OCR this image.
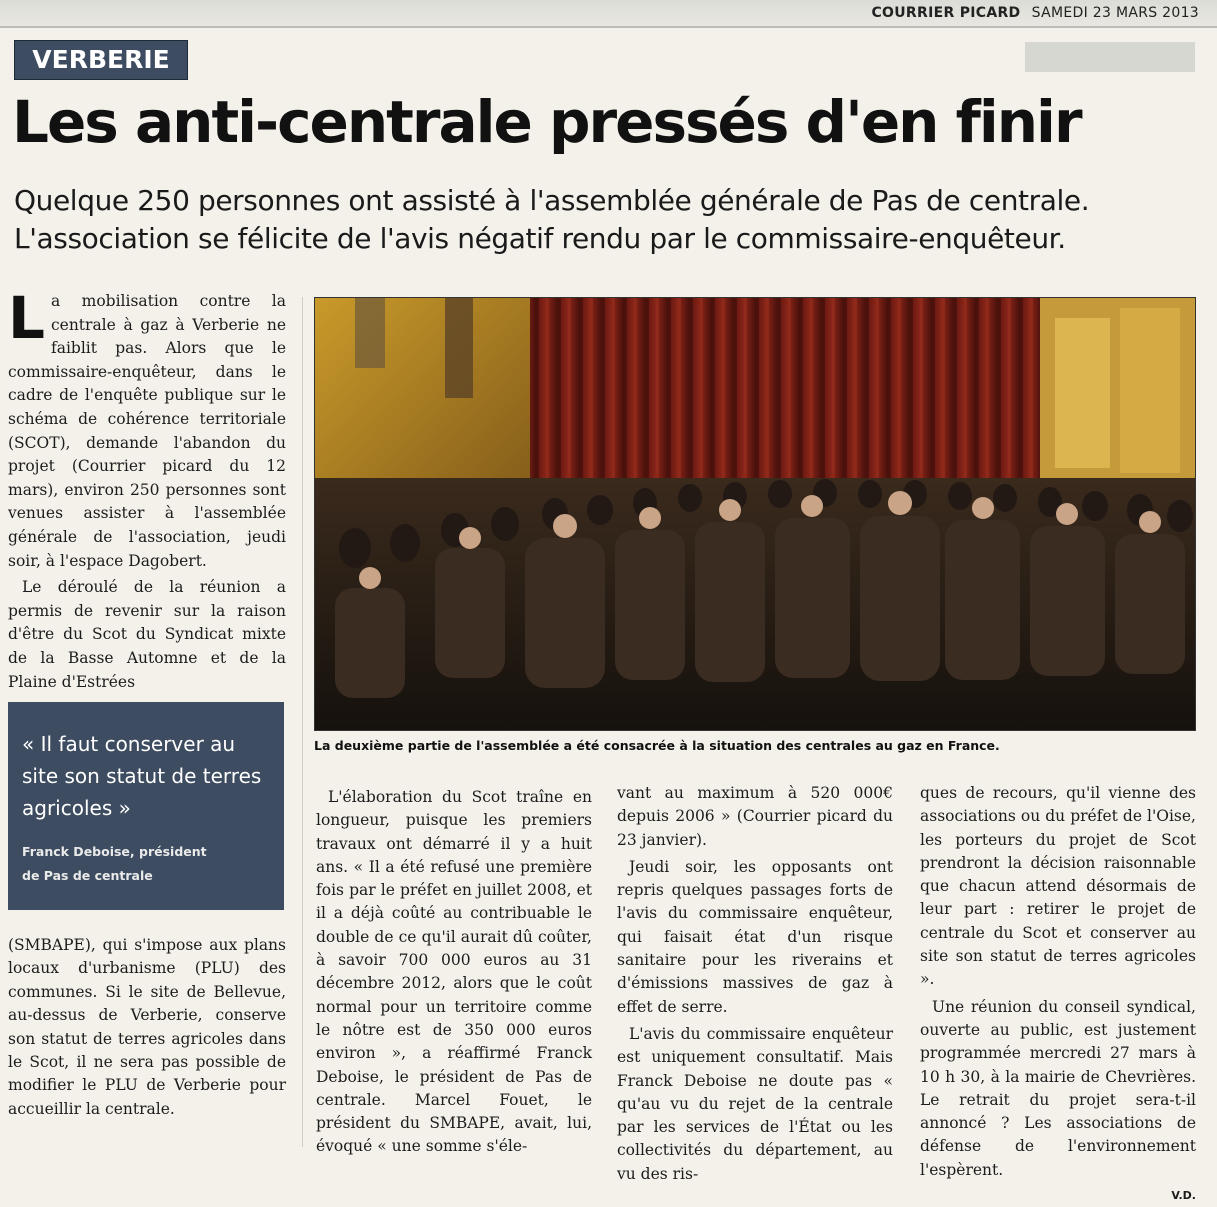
COURRIER PICARD SAMEDI 23 MARS 2013
VERBERIE
Les anti-centrale pressés d'en finir

Quelque 250 personnes ont assisté à l'assemblée générale de Pas de centrale.

L'association se félicite de l'avis négatif rendu par le commissaire-enquêteur.

L a mobilisation contre la centrale à gaz à Verberie ne faiblit pas. Alors que le commissaire-enquêteur, dans le cadre de l'enquête publique sur le schéma de cohérence territoriale (SCOT), demande l'abandon du projet (Courrier picard du 12 mars), environ 250 personnes sont venues assister à l'assemblée générale de l'association, jeudi soir, à l'espace Dagobert.

Le déroulé de la réunion a permis de revenir sur la raison d'être du Scot du Syndicat mixte de la Basse Automne et de la Plaine d'Estrées

« Il faut conserver au site son statut de terres agricoles »

Franck Deboise, président
de Pas de centrale

(SMBAPE), qui s'impose aux plans locaux d'urbanisme (PLU) des communes. Si le site de Bellevue, au-dessus de Verberie, conserve son statut de terres agricoles dans le Scot, il ne sera pas possible de modifier le PLU de Verberie pour accueillir la centrale.

La deuxième partie de l'assemblée a été consacrée à la situation des centrales au gaz en France.

L'élaboration du Scot traîne en longueur, puisque les premiers travaux ont démarré il y a huit ans. « Il a été refusé une première fois par le préfet en juillet 2008, et il a déjà coûté au contribuable le double de ce qu'il aurait dû coûter, à savoir 700 000 euros au 31 décembre 2012, alors que le coût normal pour un territoire comme le nôtre est de 350 000 euros environ », a réaffirmé Franck Deboise, le président de Pas de centrale. Marcel Fouet, le président du SMBAPE, avait, lui, évoqué « une somme s'éle-

vant au maximum à 520 000€ depuis 2006 » (Courrier picard du 23 janvier).

Jeudi soir, les opposants ont repris quelques passages forts de l'avis du commissaire enquêteur, qui faisait état d'un risque sanitaire pour les riverains et d'émissions massives de gaz à effet de serre.

L'avis du commissaire enquêteur est uniquement consultatif. Mais Franck Deboise ne doute pas « qu'au vu du rejet de la centrale par les services de l'État ou les collectivités du département, au vu des ris-

ques de recours, qu'il vienne des associations ou du préfet de l'Oise, les porteurs du projet de Scot prendront la décision raisonnable que chacun attend désormais de leur part : retirer le projet de centrale du Scot et conserver au site son statut de terres agricoles ».

Une réunion du conseil syndical, ouverte au public, est justement programmée mercredi 27 mars à 10 h 30, à la mairie de Chevrières. Le retrait du projet sera-t-il annoncé ? Les associations de défense de l'environnement l'espèrent.

V.D.
